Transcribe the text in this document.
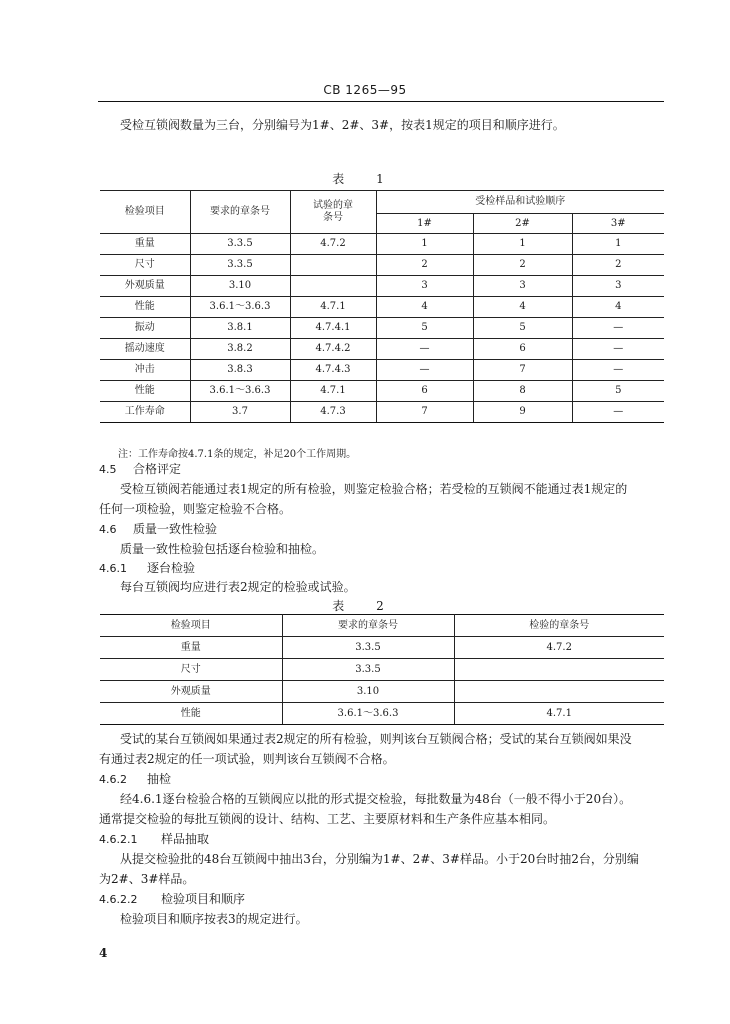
CB 1265—95
受检互锁阀数量为三台，分别编号为1#、2#、3#，按表1规定的项目和顺序进行。
表 1
检验项目	要求的章条号	试验的章条号	受检样品和试验顺序		
			1#	2#	3#
重量	3.3.5	4.7.2	1	1	1
尺寸	3.3.5		2	2	2
外观质量	3.10		3	3	3
性能	3.6.1～3.6.3	4.7.1	4	4	4
振动	3.8.1	4.7.4.1	5	5	—
摇动速度	3.8.2	4.7.4.2	—	6	—
冲击	3.8.3	4.7.4.3	—	7	—
性能	3.6.1～3.6.3	4.7.1	6	8	5
工作寿命	3.7	4.7.3	7	9	—
注：工作寿命按4.7.1条的规定，补足20个工作周期。
4.5 合格评定
受检互锁阀若能通过表1规定的所有检验，则鉴定检验合格；若受检的互锁阀不能通过表1规定的
任何一项检验，则鉴定检验不合格。
4.6 质量一致性检验
质量一致性检验包括逐台检验和抽检。
4.6.1 逐台检验
每台互锁阀均应进行表2规定的检验或试验。
表 2
检验项目	要求的章条号	检验的章条号
重量	3.3.5	4.7.2
尺寸	3.3.5	
外观质量	3.10	
性能	3.6.1～3.6.3	4.7.1
受试的某台互锁阀如果通过表2规定的所有检验，则判该台互锁阀合格；受试的某台互锁阀如果没
有通过表2规定的任一项试验，则判该台互锁阀不合格。
4.6.2 抽检
经4.6.1逐台检验合格的互锁阀应以批的形式提交检验，每批数量为48台（一般不得小于20台）。
通常提交检验的每批互锁阀的设计、结构、工艺、主要原材料和生产条件应基本相同。
4.6.2.1 样品抽取
从提交检验批的48台互锁阀中抽出3台，分别编为1#、2#、3#样品。小于20台时抽2台，分别编
为2#、3#样品。
4.6.2.2 检验项目和顺序
检验项目和顺序按表3的规定进行。
4
